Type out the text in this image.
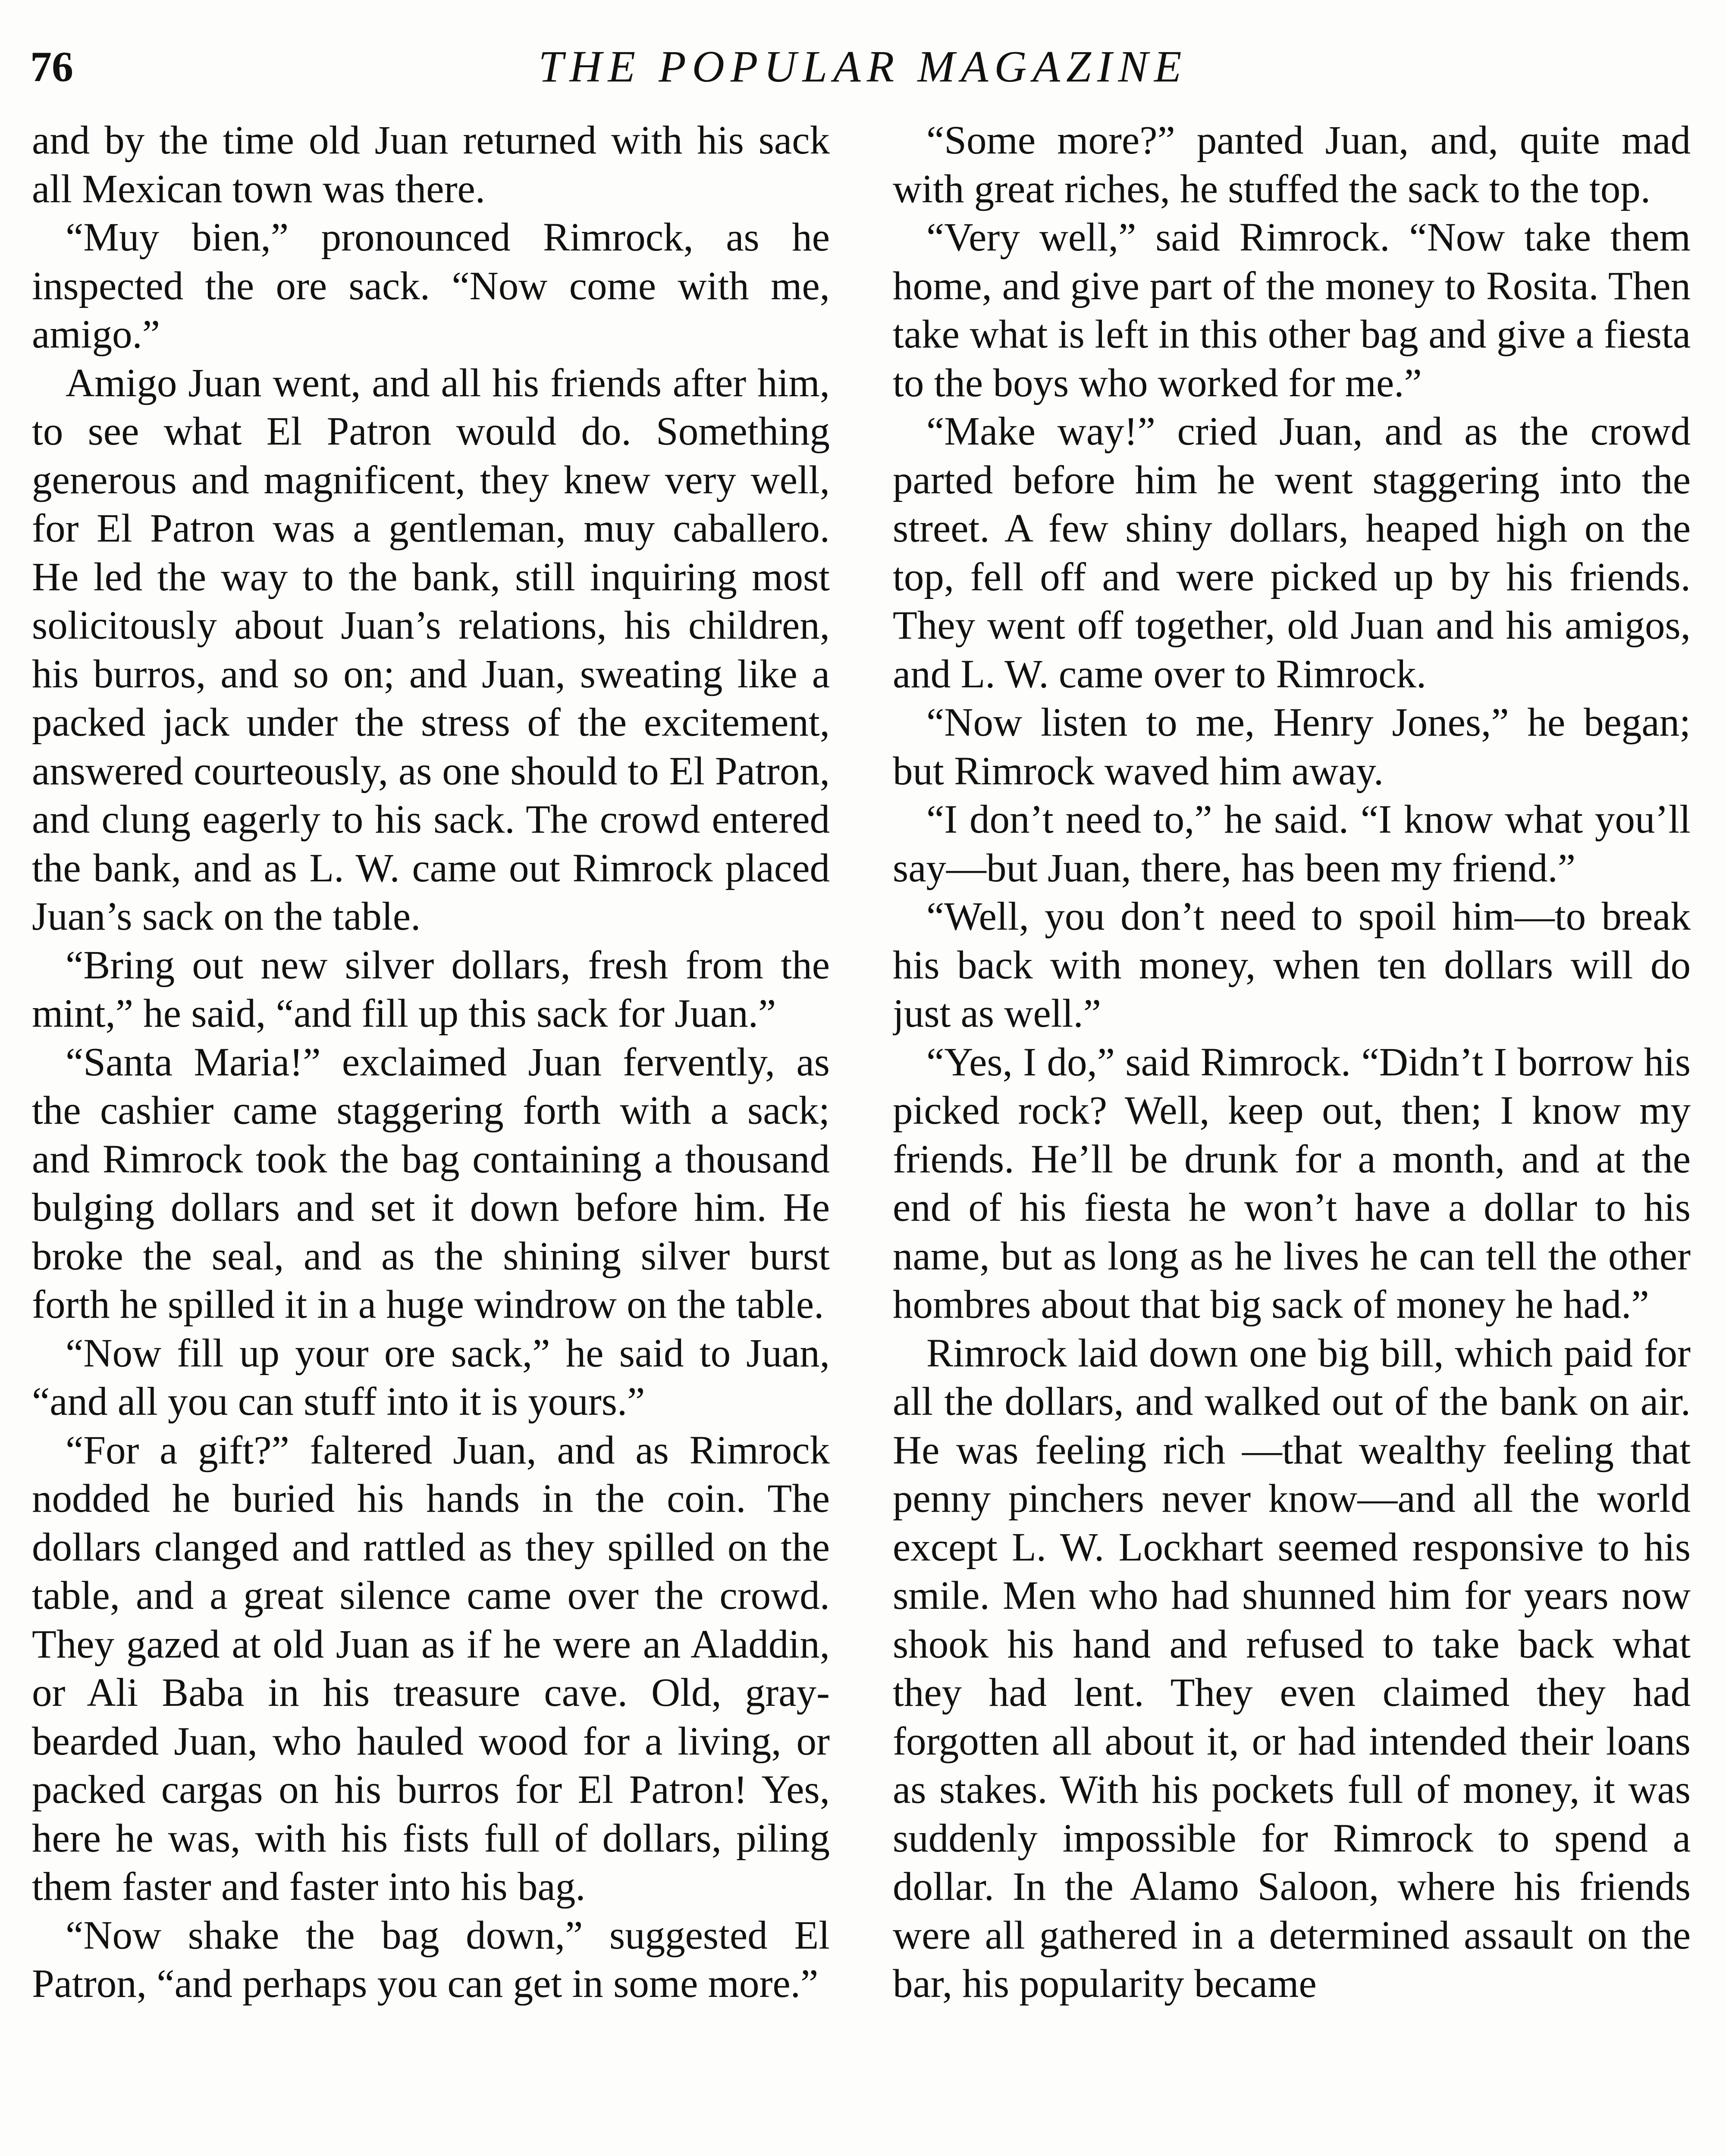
76	THE POPULAR MAGAZINE

and by the time old Juan returned with his sack all Mexican town was there.

“Muy bien,” pronounced Rimrock, as he inspected the ore sack. “Now come with me, amigo.”

Amigo Juan went, and all his friends after him, to see what El Patron would do. Something generous and magnificent, they knew very well, for El Patron was a gentleman, muy caballero. He led the way to the bank, still inquiring most solicitously about Juan’s relations, his children, his burros, and so on; and Juan, sweating like a packed jack under the stress of the excitement, answered courteously, as one should to El Patron, and clung eagerly to his sack. The crowd entered the bank, and as L. W. came out Rimrock placed Juan’s sack on the table.

“Bring out new silver dollars, fresh from the mint,” he said, “and fill up this sack for Juan.”

“Santa Maria!” exclaimed Juan fervently, as the cashier came staggering forth with a sack; and Rimrock took the bag containing a thousand bulging dollars and set it down before him. He broke the seal, and as the shining silver burst forth he spilled it in a huge windrow on the table.

“Now fill up your ore sack,” he said to Juan, “and all you can stuff into it is yours.”

“For a gift?” faltered Juan, and as Rimrock nodded he buried his hands in the coin. The dollars clanged and rattled as they spilled on the table, and a great silence came over the crowd. They gazed at old Juan as if he were an Aladdin, or Ali Baba in his treasure cave. Old, gray-bearded Juan, who hauled wood for a living, or packed cargas on his burros for El Patron! Yes, here he was, with his fists full of dollars, piling them faster and faster into his bag.

“Now shake the bag down,” suggested El Patron, “and perhaps you can get in some more.”

“Some more?” panted Juan, and, quite mad with great riches, he stuffed the sack to the top.

“Very well,” said Rimrock. “Now take them home, and give part of the money to Rosita. Then take what is left in this other bag and give a fiesta to the boys who worked for me.”

“Make way!” cried Juan, and as the crowd parted before him he went staggering into the street. A few shiny dollars, heaped high on the top, fell off and were picked up by his friends. They went off together, old Juan and his amigos, and L. W. came over to Rimrock.

“Now listen to me, Henry Jones,” he began; but Rimrock waved him away.

“I don’t need to,” he said. “I know what you’ll say—but Juan, there, has been my friend.”

“Well, you don’t need to spoil him—to break his back with money, when ten dollars will do just as well.”

“Yes, I do,” said Rimrock. “Didn’t I borrow his picked rock? Well, keep out, then; I know my friends. He’ll be drunk for a month, and at the end of his fiesta he won’t have a dollar to his name, but as long as he lives he can tell the other hombres about that big sack of money he had.”

Rimrock laid down one big bill, which paid for all the dollars, and walked out of the bank on air. He was feeling rich —that wealthy feeling that penny pinchers never know—and all the world except L. W. Lockhart seemed responsive to his smile. Men who had shunned him for years now shook his hand and refused to take back what they had lent. They even claimed they had forgotten all about it, or had intended their loans as stakes. With his pockets full of money, it was suddenly impossible for Rimrock to spend a dollar. In the Alamo Saloon, where his friends were all gathered in a determined assault on the bar, his popularity became
